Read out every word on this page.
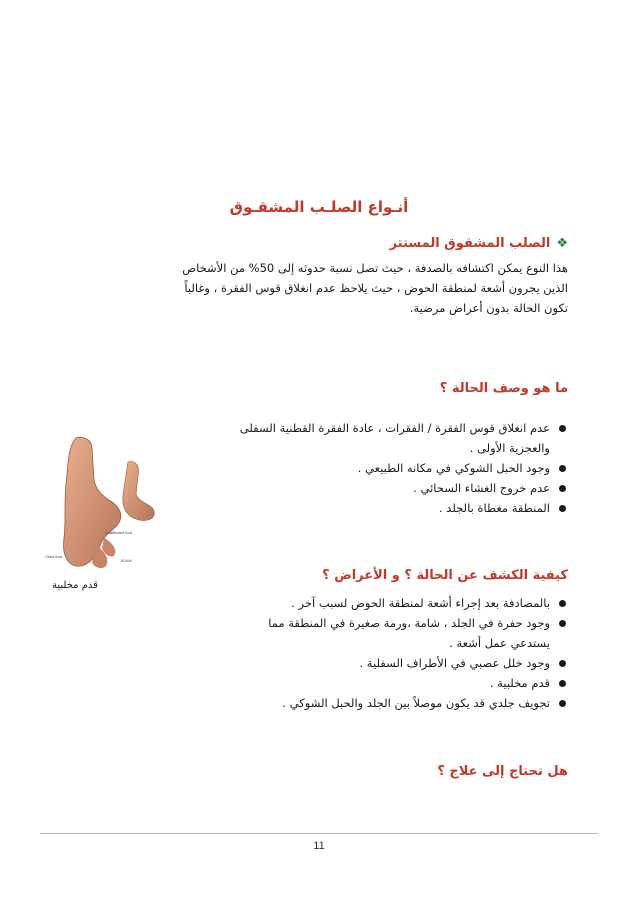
أنـواع الصلـب المشقـوق
❖الصلب المشقوق المستتر
هذا النوع يمكن اكتشافه بالصدفة ، حيث تصل نسبة حدوثه إلى 50% من الأشخاص
الذين يجرون أشعة لمنطقة الحوض ، حيث يلاحظ عدم انغلاق قوس الفقرة ، وغالباً
تكون الحالة بدون أعراض مرضية.
ما هو وصف الحالة ؟
عدم انغلاق قوس الفقرة / الفقرات ، عادة الفقرة القطنية السفلى
والعجزية الأولى .
وجود الحبل الشوكي في مكانه الطبيعي .
عدم خروج الغشاء السحائي .
المنطقة مغطاة بالجلد .
Unaffected foot
Claw foot
ADAM
قدم مخلبية
كيفية الكشف عن الحالة ؟ و الأعراض ؟
بالمصادفة بعد إجراء أشعة لمنطقة الحوض لسبب آخر .
وجود حفرة في الجلد ، شامة ،ورمة صغيرة في المنطقة مما
يستدعي عمل أشعة .
وجود خلل عصبي في الأطراف السفلية .
قدم مخلبية .
تجويف جلدي قد يكون موصلاً بين الجلد والحبل الشوكي .
هل تحتاج إلى علاج ؟
11
